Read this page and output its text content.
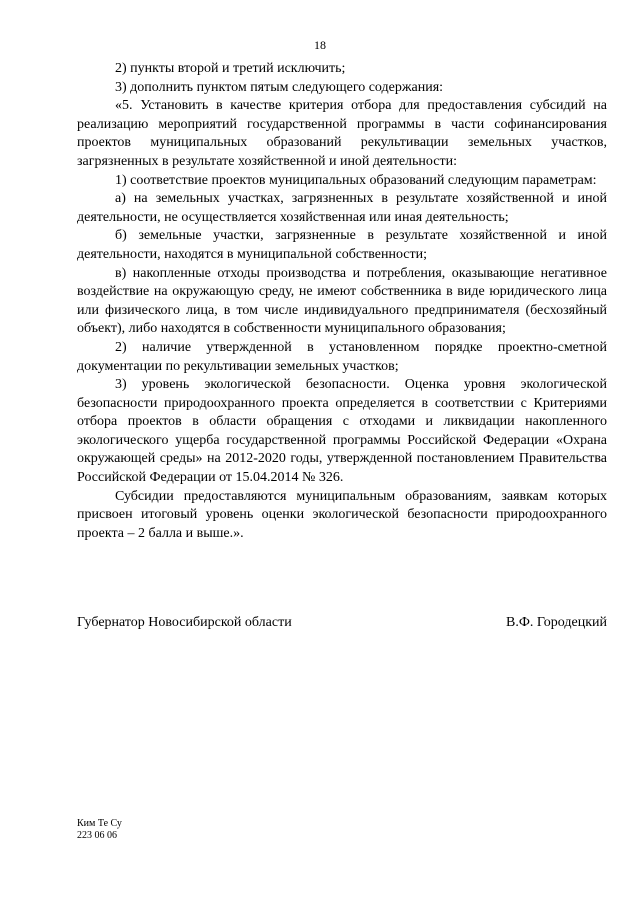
18

2) пункты второй и третий исключить;

3) дополнить пунктом пятым следующего содержания:

«5. Установить в качестве критерия отбора для предоставления субсидий на реализацию мероприятий государственной программы в части софинансирования проектов муниципальных образований рекультивации земельных участков, загрязненных в результате хозяйственной и иной деятельности:

1) соответствие проектов муниципальных образований следующим параметрам:

а) на земельных участках, загрязненных в результате хозяйственной и иной деятельности, не осуществляется хозяйственная или иная деятельность;

б) земельные участки, загрязненные в результате хозяйственной и иной деятельности, находятся в муниципальной собственности;

в) накопленные отходы производства и потребления, оказывающие негативное воздействие на окружающую среду, не имеют собственника в виде юридического лица или физического лица, в том числе индивидуального предпринимателя (бесхозяйный объект), либо находятся в собственности муниципального образования;

2) наличие утвержденной в установленном порядке проектно-сметной документации по рекультивации земельных участков;

3) уровень экологической безопасности. Оценка уровня экологической безопасности природоохранного проекта определяется в соответствии с Критериями отбора проектов в области обращения с отходами и ликвидации накопленного экологического ущерба государственной программы Российской Федерации «Охрана окружающей среды» на 2012-2020 годы, утвержденной постановлением Правительства Российской Федерации от 15.04.2014 № 326.

Субсидии предоставляются муниципальным образованиям, заявкам которых присвоен итоговый уровень оценки экологической безопасности природоохранного проекта – 2 балла и выше.».

Губернатор Новосибирской области	В.Ф. Городецкий
Ким Те Су
223 06 06
